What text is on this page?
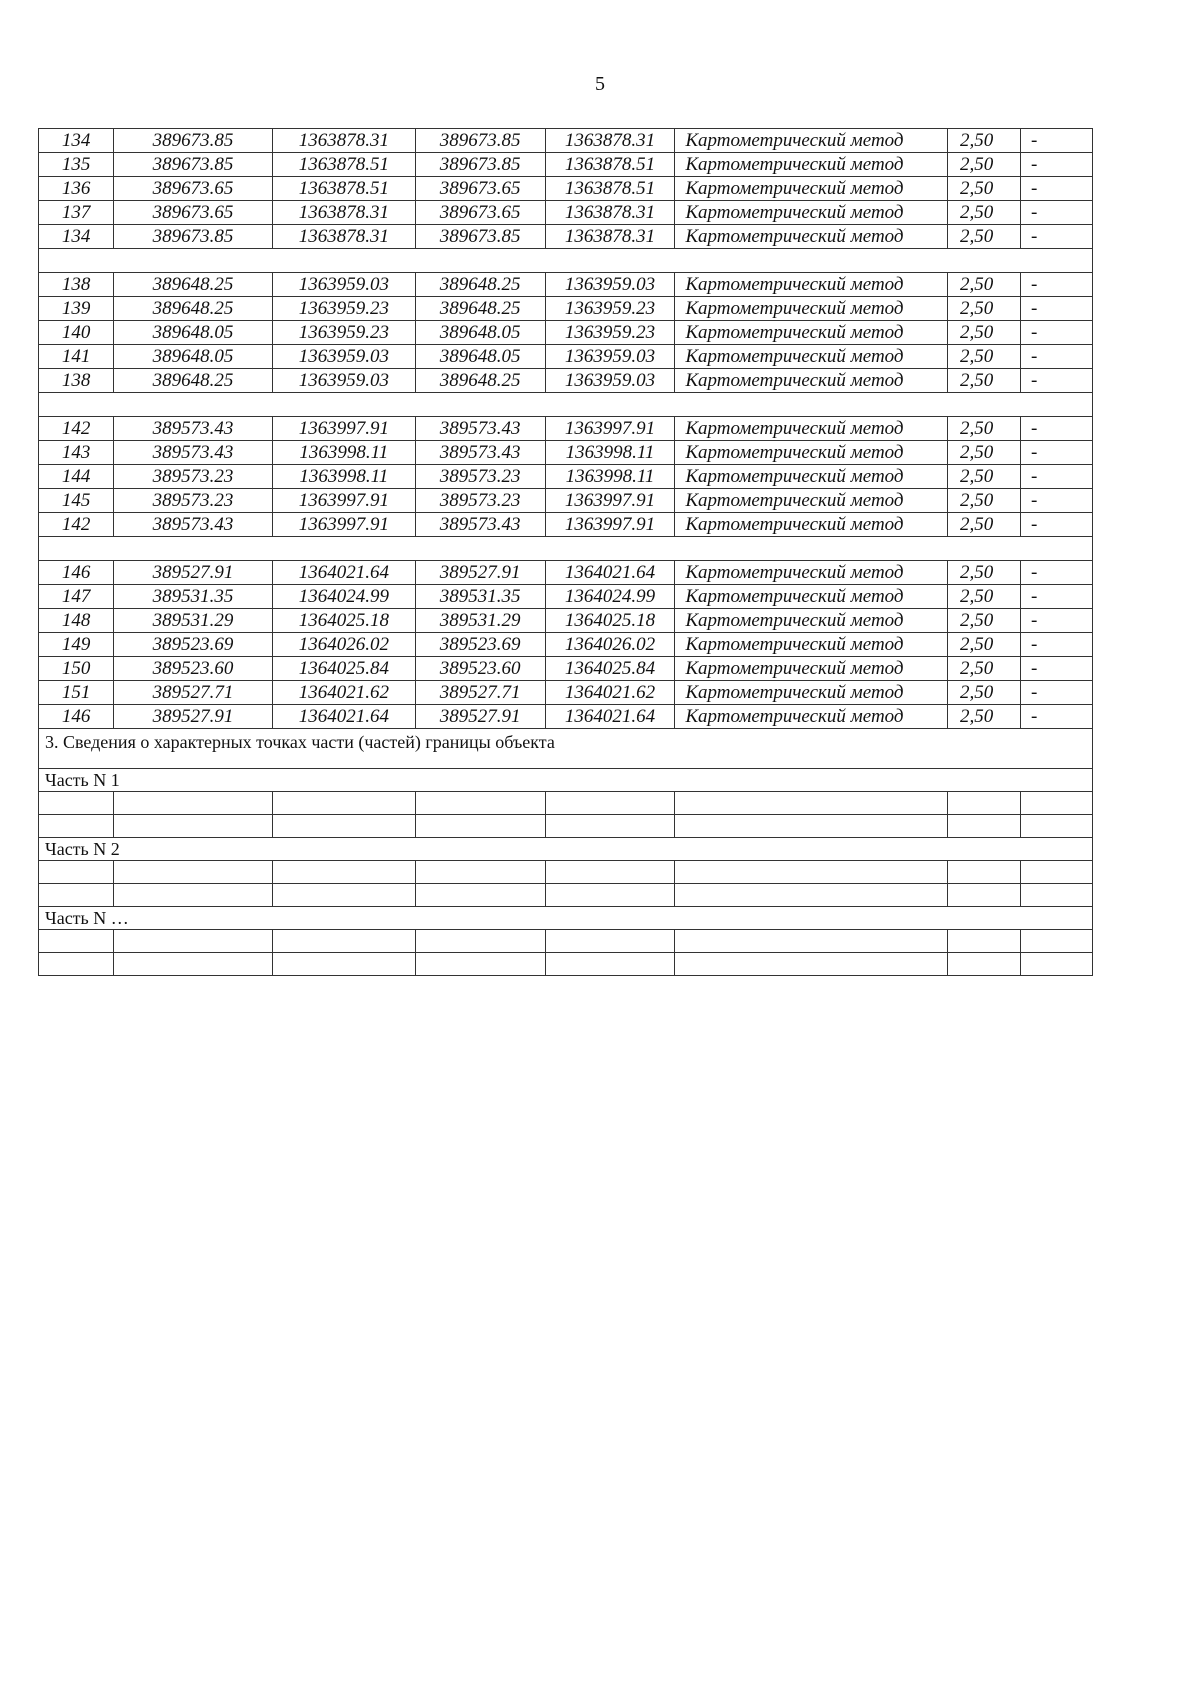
5
134	389673.85	1363878.31	389673.85	1363878.31	Картометрический метод	2,50	-
135	389673.85	1363878.51	389673.85	1363878.51	Картометрический метод	2,50	-
136	389673.65	1363878.51	389673.65	1363878.51	Картометрический метод	2,50	-
137	389673.65	1363878.31	389673.65	1363878.31	Картометрический метод	2,50	-
134	389673.85	1363878.31	389673.85	1363878.31	Картометрический метод	2,50	-

138	389648.25	1363959.03	389648.25	1363959.03	Картометрический метод	2,50	-
139	389648.25	1363959.23	389648.25	1363959.23	Картометрический метод	2,50	-
140	389648.05	1363959.23	389648.05	1363959.23	Картометрический метод	2,50	-
141	389648.05	1363959.03	389648.05	1363959.03	Картометрический метод	2,50	-
138	389648.25	1363959.03	389648.25	1363959.03	Картометрический метод	2,50	-

142	389573.43	1363997.91	389573.43	1363997.91	Картометрический метод	2,50	-
143	389573.43	1363998.11	389573.43	1363998.11	Картометрический метод	2,50	-
144	389573.23	1363998.11	389573.23	1363998.11	Картометрический метод	2,50	-
145	389573.23	1363997.91	389573.23	1363997.91	Картометрический метод	2,50	-
142	389573.43	1363997.91	389573.43	1363997.91	Картометрический метод	2,50	-

146	389527.91	1364021.64	389527.91	1364021.64	Картометрический метод	2,50	-
147	389531.35	1364024.99	389531.35	1364024.99	Картометрический метод	2,50	-
148	389531.29	1364025.18	389531.29	1364025.18	Картометрический метод	2,50	-
149	389523.69	1364026.02	389523.69	1364026.02	Картометрический метод	2,50	-
150	389523.60	1364025.84	389523.60	1364025.84	Картометрический метод	2,50	-
151	389527.71	1364021.62	389527.71	1364021.62	Картометрический метод	2,50	-
146	389527.91	1364021.64	389527.91	1364021.64	Картометрический метод	2,50	-
3. Сведения о характерных точках части (частей) границы объекта							
Часть N 1							

Часть N 2							

Часть N …							
